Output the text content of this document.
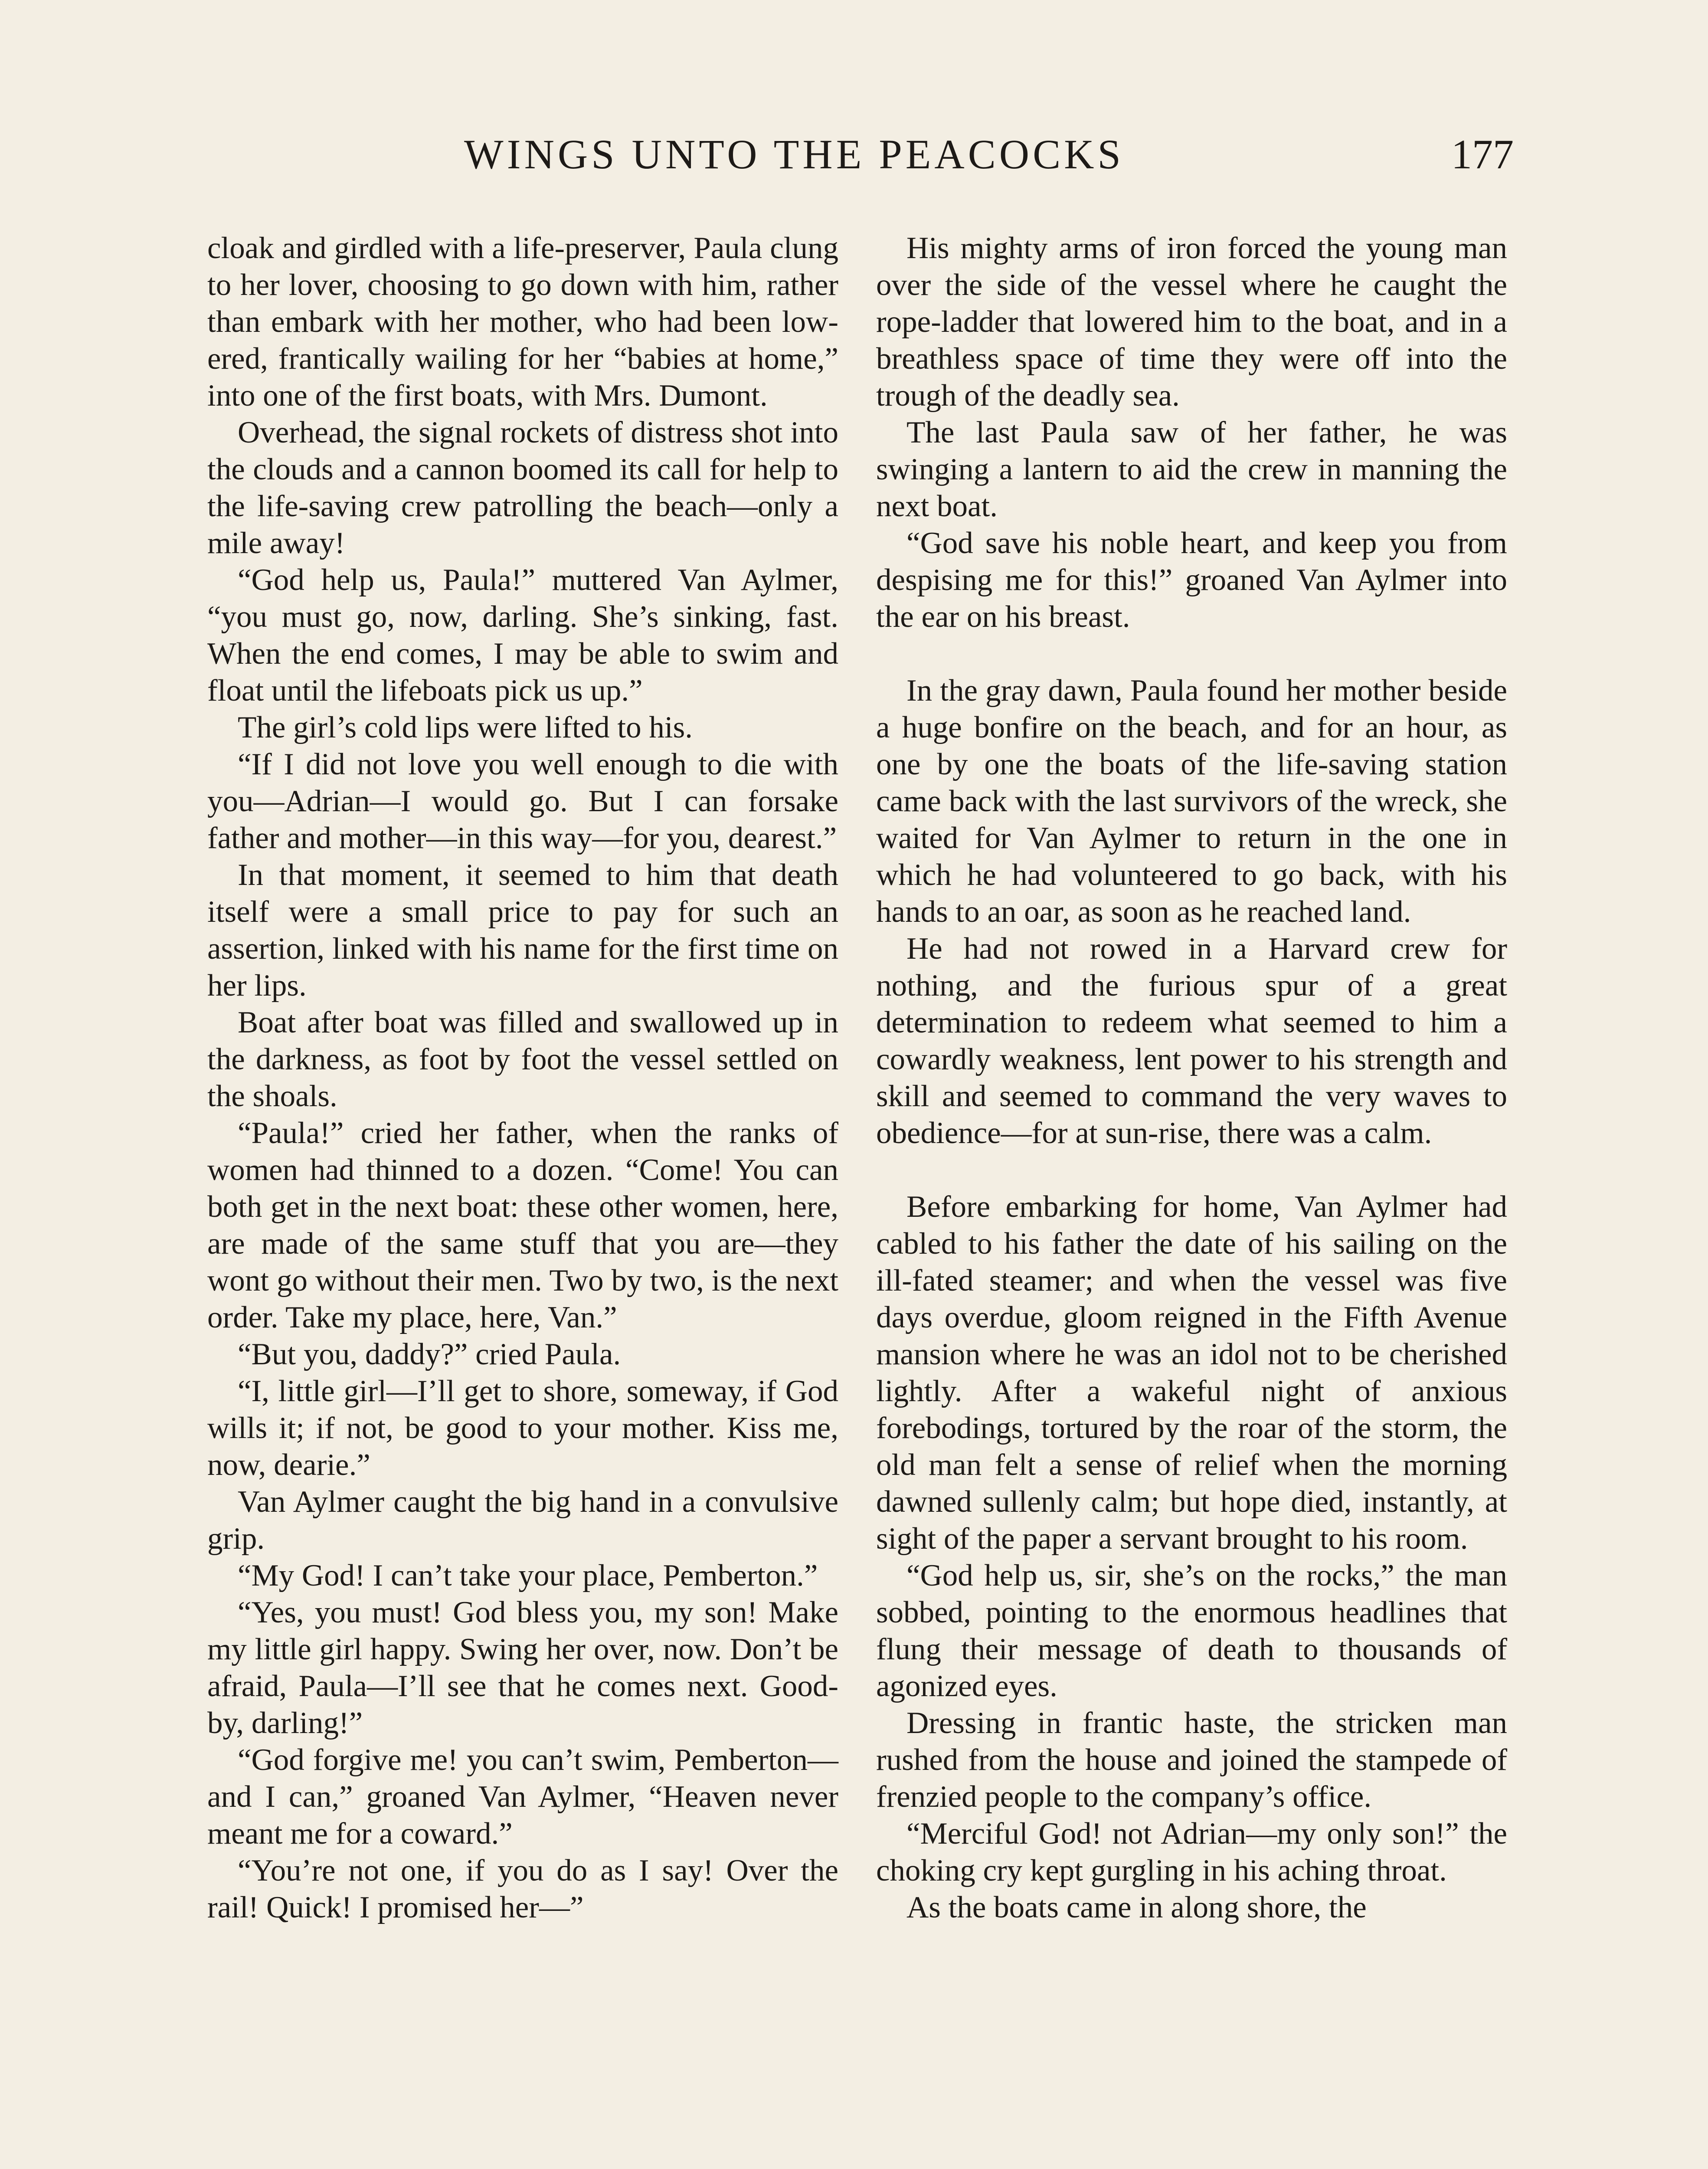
WINGS UNTO THE PEACOCKS	177

cloak and girdled with a life-preserver, Paula clung to her lover, choosing to go down with him, rather than embark with her mother, who had been lowered, frantically wailing for her “babies at home,” into one of the first boats, with Mrs. Dumont.

Overhead, the signal rockets of distress shot into the clouds and a cannon boomed its call for help to the life-saving crew patrolling the beach—only a mile away!

“God help us, Paula!” muttered Van Aylmer, “you must go, now, darling. She’s sinking, fast. When the end comes, I may be able to swim and float until the lifeboats pick us up.”

The girl’s cold lips were lifted to his.

“If I did not love you well enough to die with you—Adrian—I would go. But I can forsake father and mother—in this way—for you, dearest.”

In that moment, it seemed to him that death itself were a small price to pay for such an assertion, linked with his name for the first time on her lips.

Boat after boat was filled and swallowed up in the darkness, as foot by foot the vessel settled on the shoals.

“Paula!” cried her father, when the ranks of women had thinned to a dozen. “Come! You can both get in the next boat: these other women, here, are made of the same stuff that you are—they wont go without their men. Two by two, is the next order. Take my place, here, Van.”

“But you, daddy?” cried Paula.

“I, little girl—I’ll get to shore, someway, if God wills it; if not, be good to your mother. Kiss me, now, dearie.”

Van Aylmer caught the big hand in a convulsive grip.

“My God! I can’t take your place, Pemberton.”

“Yes, you must! God bless you, my son! Make my little girl happy. Swing her over, now. Don’t be afraid, Paula—I’ll see that he comes next. Good-by, darling!”

“God forgive me! you can’t swim, Pemberton—and I can,” groaned Van Aylmer, “Heaven never meant me for a coward.”

“You’re not one, if you do as I say! Over the rail! Quick! I promised her—”

His mighty arms of iron forced the young man over the side of the vessel where he caught the rope-ladder that lowered him to the boat, and in a breathless space of time they were off into the trough of the deadly sea.

The last Paula saw of her father, he was swinging a lantern to aid the crew in manning the next boat.

“God save his noble heart, and keep you from despising me for this!” groaned Van Aylmer into the ear on his breast.

In the gray dawn, Paula found her mother beside a huge bonfire on the beach, and for an hour, as one by one the boats of the life-saving station came back with the last survivors of the wreck, she waited for Van Aylmer to return in the one in which he had volunteered to go back, with his hands to an oar, as soon as he reached land.

He had not rowed in a Harvard crew for nothing, and the furious spur of a great determination to redeem what seemed to him a cowardly weakness, lent power to his strength and skill and seemed to command the very waves to obedience—for at sun-rise, there was a calm.

Before embarking for home, Van Aylmer had cabled to his father the date of his sailing on the ill-fated steamer; and when the vessel was five days overdue, gloom reigned in the Fifth Avenue mansion where he was an idol not to be cherished lightly. After a wakeful night of anxious forebodings, tortured by the roar of the storm, the old man felt a sense of relief when the morning dawned sullenly calm; but hope died, instantly, at sight of the paper a servant brought to his room.

“God help us, sir, she’s on the rocks,” the man sobbed, pointing to the enormous headlines that flung their message of death to thousands of agonized eyes.

Dressing in frantic haste, the stricken man rushed from the house and joined the stampede of frenzied people to the company’s office.

“Merciful God! not Adrian—my only son!” the choking cry kept gurgling in his aching throat.

As the boats came in along shore, the
